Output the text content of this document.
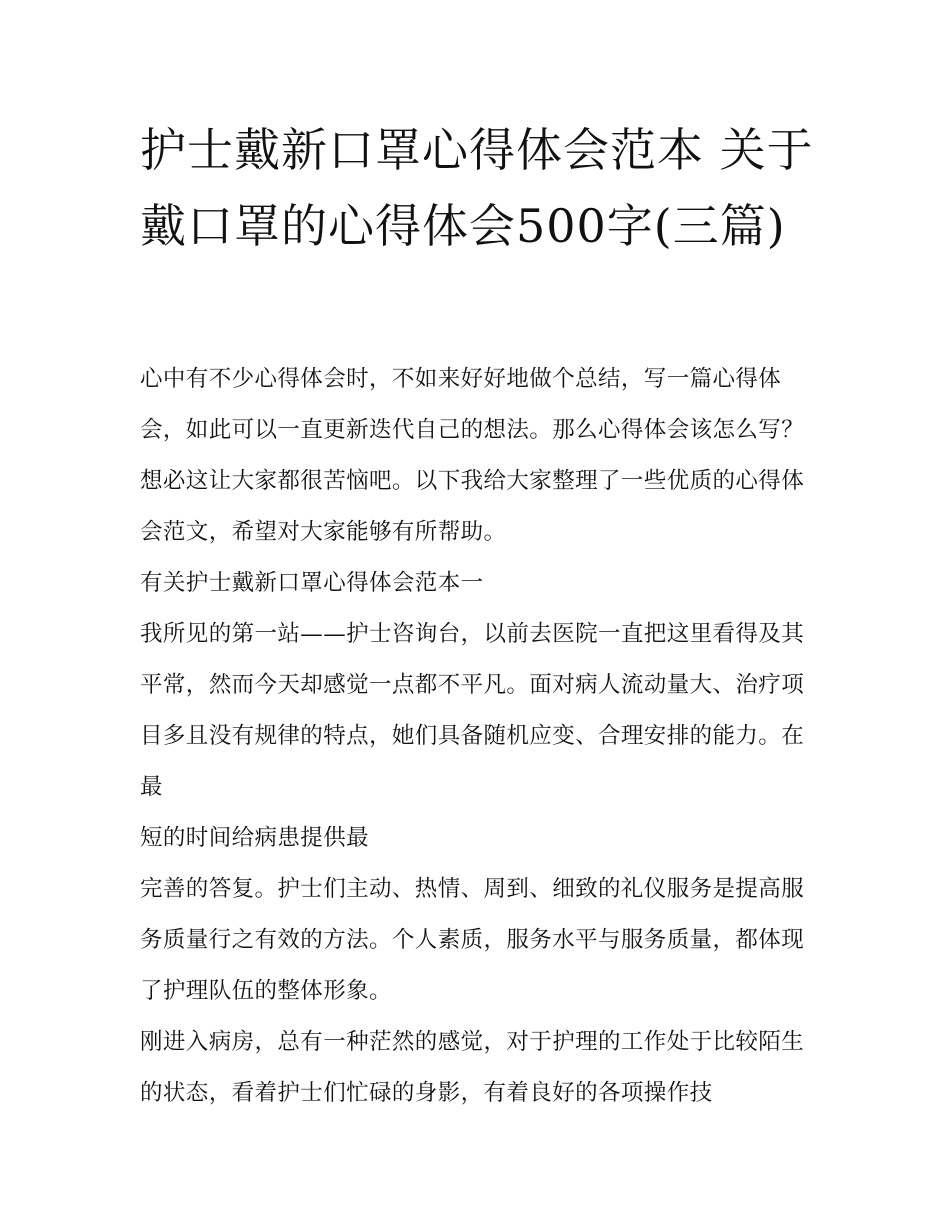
护士戴新口罩心得体会范本 关于戴口罩的心得体会500字(三篇)

心中有不少心得体会时，不如来好好地做个总结，写一篇心得体会，如此可以一直更新迭代自己的想法。那么心得体会该怎么写？想必这让大家都很苦恼吧。以下我给大家整理了一些优质的心得体会范文，希望对大家能够有所帮助。

有关护士戴新口罩心得体会范本一

我所见的第一站——护士咨询台，以前去医院一直把这里看得及其平常，然而今天却感觉一点都不平凡。面对病人流动量大、治疗项目多且没有规律的特点，她们具备随机应变、合理安排的能力。在最

短的时间给病患提供最

完善的答复。护士们主动、热情、周到、细致的礼仪服务是提高服务质量行之有效的方法。个人素质，服务水平与服务质量，都体现了护理队伍的整体形象。

刚进入病房，总有一种茫然的感觉，对于护理的工作处于比较陌生的状态，看着护士们忙碌的身影，有着良好的各项操作技
